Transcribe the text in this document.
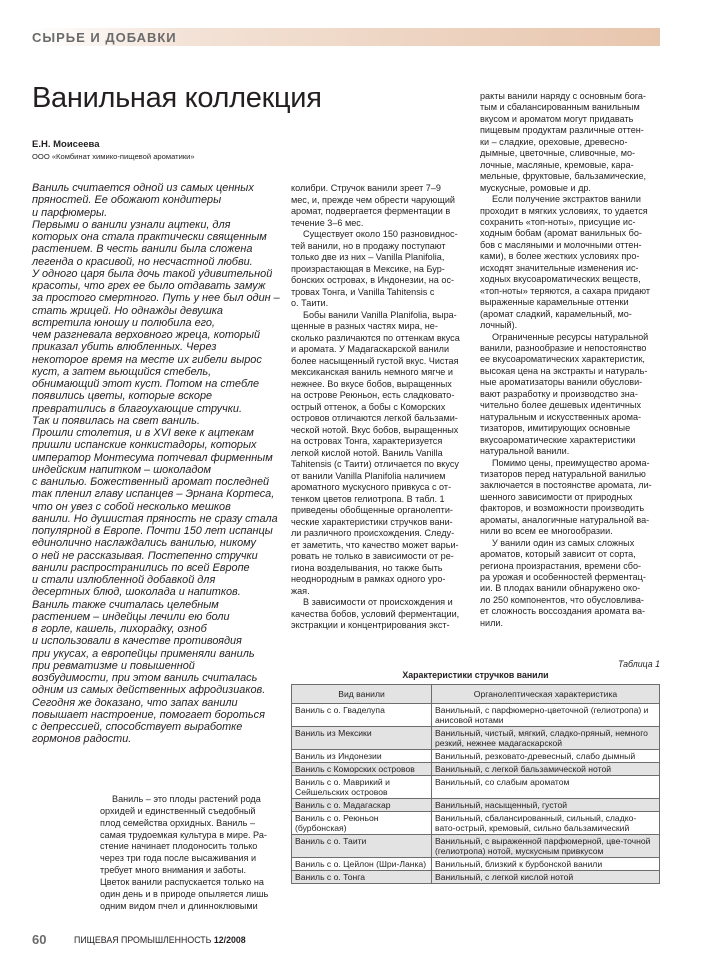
СЫРЬЕ И ДОБАВКИ
Ванильная коллекция
Е.Н. Моисеева
ООО «Комбинат химико-пищевой ароматики»
Ваниль считается одной из самых ценных
пряностей. Ее обожают кондитеры
и парфюмеры.
Первыми о ванили узнали ацтеки, для
которых она стала практически священным
растением. В честь ванили была сложена
легенда о красивой, но несчастной любви.
У одного царя была дочь такой удивительной
красоты, что грех ее было отдавать замуж
за простого смертного. Путь у нее был один –
стать жрицей. Но однажды девушка
встретила юношу и полюбила его,
чем разгневала верховного жреца, который
приказал убить влюбленных. Через
некоторое время на месте их гибели вырос
куст, а затем вьющийся стебель,
обнимающий этот куст. Потом на стебле
появились цветы, которые вскоре
превратились в благоухающие стручки.
Так и появилась на свет ваниль.
Прошли столетия, и в XVI веке к ацтекам
пришли испанские конкистадоры, которых
император Монтесума потчевал фирменным
индейским напитком – шоколадом
с ванилью. Божественный аромат последней
так пленил главу испанцев – Эрнана Кортеса,
что он увез с собой несколько мешков
ванили. Но душистая пряность не сразу стала
популярной в Европе. Почти 150 лет испанцы
единолично наслаждались ванилью, никому
о ней не рассказывая. Постепенно стручки
ванили распространились по всей Европе
и стали излюбленной добавкой для
десертных блюд, шоколада и напитков.
Ваниль также считалась целебным
растением – индейцы лечили ею боли
в горле, кашель, лихорадку, озноб
и использовали в качестве противоядия
при укусах, а европейцы применяли ваниль
при ревматизме и повышенной
возбудимости, при этом ваниль считалась
одним из самых действенных афродизиаков.
Сегодня же доказано, что запах ванили
повышает настроение, помогает бороться
с депрессией, способствует выработке
гормонов радости.
Ваниль – это плоды растений рода
орхидей и единственный съедобный
плод семейства орхидных. Ваниль –
самая трудоемкая культура в мире. Ра-
стение начинает плодоносить только
через три года после высаживания и
требует много внимания и заботы.
Цветок ванили распускается только на
один день и в природе опыляется лишь
одним видом пчел и длинноклювыми
колибри. Стручок ванили зреет 7–9
мес, и, прежде чем обрести чарующий
аромат, подвергается ферментации в
течение 3–6 мес.
Существует около 150 разновиднос-
тей ванили, но в продажу поступают
только две из них – Vanilla Planifolia,
произрастающая в Мексике, на Бур-
бонских островах, в Индонезии, на ос-
тровах Тонга, и Vanilla Tahitensis с
о. Таити.
Бобы ванили Vanilla Planifolia, выра-
щенные в разных частях мира, не-
сколько различаются по оттенкам вкуса
и аромата. У Мадагаскарской ванили
более насыщенный густой вкус. Чистая
мексиканская ваниль немного мягче и
нежнее. Во вкусе бобов, выращенных
на острове Реюньон, есть сладковато-
острый оттенок, а бобы с Коморских
островов отличаются легкой бальзами-
ческой нотой. Вкус бобов, выращенных
на островах Тонга, характеризуется
легкой кислой нотой. Ваниль Vanilla
Tahitensis (с Таити) отличается по вкусу
от ванили Vanilla Planifolia наличием
ароматного мускусного привкуса с от-
тенком цветов гелиотропа. В табл. 1
приведены обобщенные органолепти-
ческие характеристики стручков вани-
ли различного происхождения. Следу-
ет заметить, что качество может варьи-
ровать не только в зависимости от ре-
гиона возделывания, но также быть
неоднородным в рамках одного уро-
жая.
В зависимости от происхождения и
качества бобов, условий ферментации,
экстракции и концентрирования экст-
ракты ванили наряду с основным бога-
тым и сбалансированным ванильным
вкусом и ароматом могут придавать
пищевым продуктам различные оттен-
ки – сладкие, ореховые, древесно-
дымные, цветочные, сливочные, мо-
лочные, масляные, кремовые, кара-
мельные, фруктовые, бальзамические,
мускусные, ромовые и др.
Если получение экстрактов ванили
проходит в мягких условиях, то удается
сохранить «топ-ноты», присущие ис-
ходным бобам (аромат ванильных бо-
бов с масляными и молочными оттен-
ками), в более жестких условиях про-
исходят значительные изменения ис-
ходных вкусоароматических веществ,
«топ-ноты» теряются, а сахара придают
выраженные карамельные оттенки
(аромат сладкий, карамельный, мо-
лочный).
Ограниченные ресурсы натуральной
ванили, разнообразие и непостоянство
ее вкусоароматических характеристик,
высокая цена на экстракты и натураль-
ные ароматизаторы ванили обуслови-
вают разработку и производство зна-
чительно более дешевых идентичных
натуральным и искусственных арома-
тизаторов, имитирующих основные
вкусоароматические характеристики
натуральной ванили.
Помимо цены, преимущество арома-
тизаторов перед натуральной ванилью
заключается в постоянстве аромата, ли-
шенного зависимости от природных
факторов, и возможности производить
ароматы, аналогичные натуральной ва-
нили во всем ее многообразии.
У ванили один из самых сложных
ароматов, который зависит от сорта,
региона произрастания, времени сбо-
ра урожая и особенностей ферментац-
ии. В плодах ванили обнаружено око-
ло 250 компонентов, что обусловлива-
ет сложность воссоздания аромата ва-
нили.
Таблица 1
Характеристики стручков ванили
Вид ванили	Органолептическая характеристика
Ваниль с о. Гваделупа	Ванильный, с парфюмерно-цветочной (гелиотропа) и анисовой нотами
Ваниль из Мексики	Ванильный, чистый, мягкий, сладко-пряный, немного резкий, нежнее мадагаскарской
Ваниль из Индонезии	Ванильный, резковато-древесный, слабо дымный
Ваниль с Коморских островов	Ванильный, с легкой бальзамической нотой
Ваниль с о. Маврикий и Сейшельских островов	Ванильный, со слабым ароматом
Ваниль с о. Мадагаскар	Ванильный, насыщенный, густой
Ваниль с о. Реюньон (бурбонская)	Ванильный, сбалансированный, сильный, сладко-вато-острый, кремовый, сильно бальзамический
Ваниль с о. Таити	Ванильный, с выраженной парфюмерной, цве-точной (гелиотропа) нотой, мускусным привкусом
Ваниль с о. Цейлон (Шри-Ланка)	Ванильный, близкий к бурбонской ванили
Ваниль с о. Тонга	Ванильный, с легкой кислой нотой
60	ПИЩЕВАЯ ПРОМЫШЛЕННОСТЬ 12/2008
